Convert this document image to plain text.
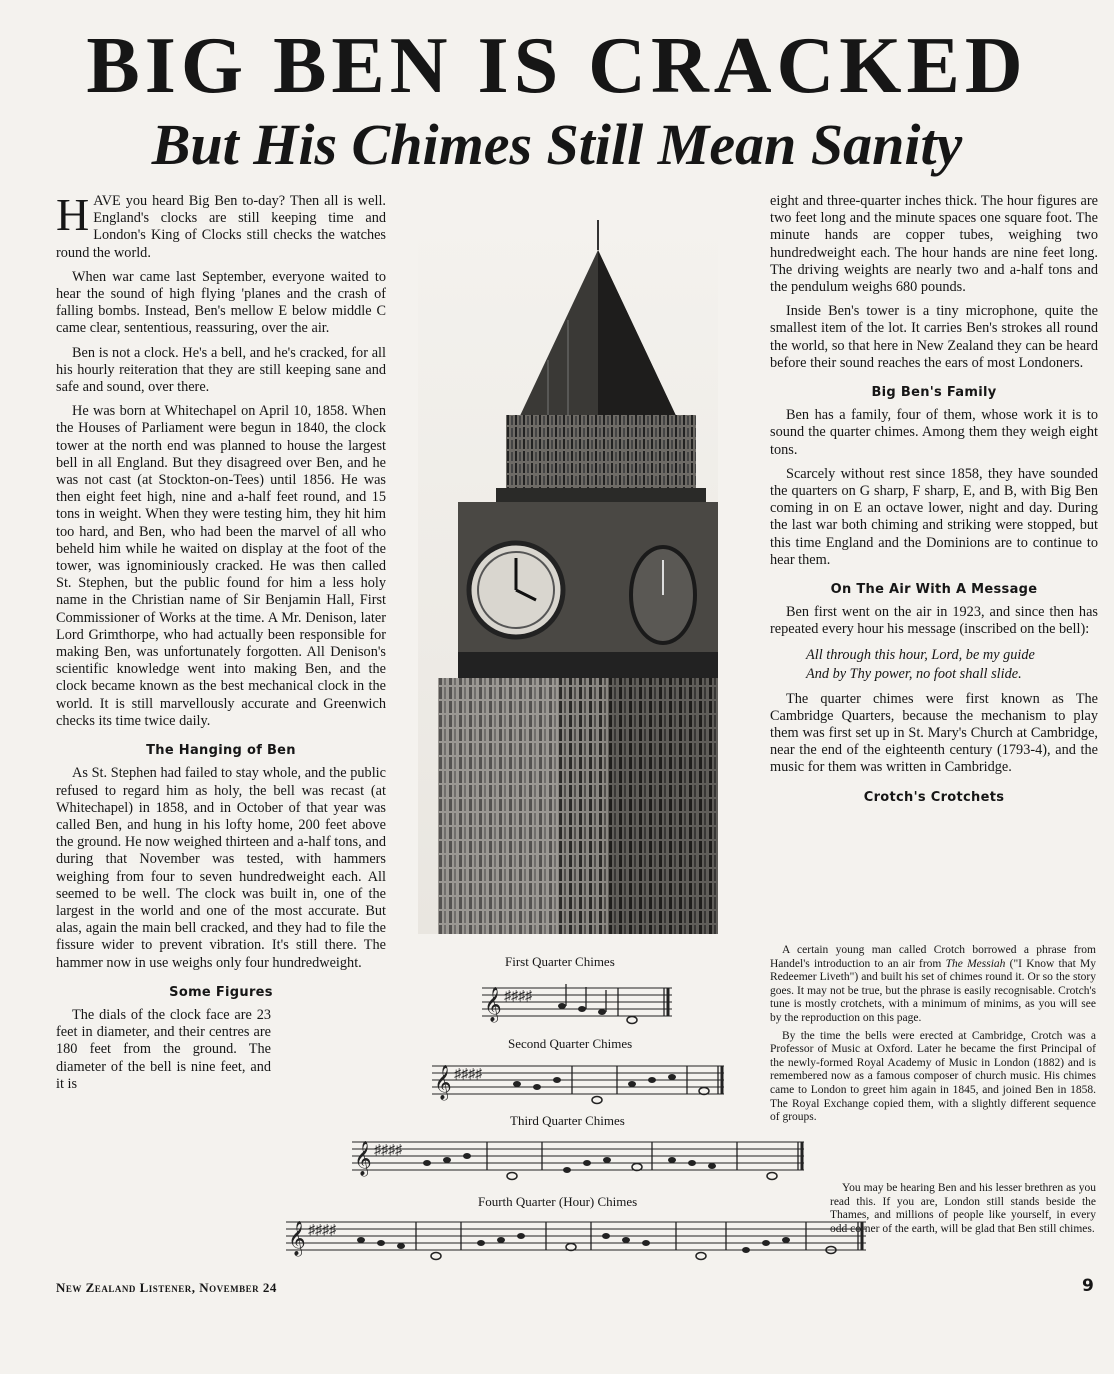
BIG BEN IS CRACKED
But His Chimes Still Mean Sanity

HAVE you heard Big Ben to-day? Then all is well. England's clocks are still keeping time and London's King of Clocks still checks the watches round the world.

When war came last September, everyone waited to hear the sound of high flying 'planes and the crash of falling bombs. Instead, Ben's mellow E below middle C came clear, sententious, reassuring, over the air.

Ben is not a clock. He's a bell, and he's cracked, for all his hourly reiteration that they are still keeping sane and safe and sound, over there.

He was born at Whitechapel on April 10, 1858. When the Houses of Parliament were begun in 1840, the clock tower at the north end was planned to house the largest bell in all England. But they disagreed over Ben, and he was not cast (at Stockton-on-Tees) until 1856. He was then eight feet high, nine and a-half feet round, and 15 tons in weight. When they were testing him, they hit him too hard, and Ben, who had been the marvel of all who beheld him while he waited on display at the foot of the tower, was ignominiously cracked. He was then called St. Stephen, but the public found for him a less holy name in the Christian name of Sir Benjamin Hall, First Commissioner of Works at the time. A Mr. Denison, later Lord Grimthorpe, who had actually been responsible for making Ben, was unfortunately forgotten. All Denison's scientific knowledge went into making Ben, and the clock became known as the best mechanical clock in the world. It is still marvellously accurate and Greenwich checks its time twice daily.

The Hanging of Ben

As St. Stephen had failed to stay whole, and the public refused to regard him as holy, the bell was recast (at Whitechapel) in 1858, and in October of that year was called Ben, and hung in his lofty home, 200 feet above the ground. He now weighed thirteen and a-half tons, and during that November was tested, with hammers weighing from four to seven hundredweight each. All seemed to be well. The clock was built in, one of the largest in the world and one of the most accurate. But alas, again the main bell cracked, and they had to file the fissure wider to prevent vibration. It's still there. The hammer now in use weighs only four hundredweight.

Some Figures

The dials of the clock face are 23 feet in diameter, and their centres are 180 feet from the ground. The diameter of the bell is nine feet, and it is

eight and three-quarter inches thick. The hour figures are two feet long and the minute spaces one square foot. The minute hands are copper tubes, weighing two hundredweight each. The hour hands are nine feet long. The driving weights are nearly two and a-half tons and the pendulum weighs 680 pounds.

Inside Ben's tower is a tiny microphone, quite the smallest item of the lot. It carries Ben's strokes all round the world, so that here in New Zealand they can be heard before their sound reaches the ears of most Londoners.

Big Ben's Family

Ben has a family, four of them, whose work it is to sound the quarter chimes. Among them they weigh eight tons.

Scarcely without rest since 1858, they have sounded the quarters on G sharp, F sharp, E, and B, with Big Ben coming in on E an octave lower, night and day. During the last war both chiming and striking were stopped, but this time England and the Dominions are to continue to hear them.

On The Air With A Message

Ben first went on the air in 1923, and since then has repeated every hour his message (inscribed on the bell):

All through this hour, Lord, be my guide
And by Thy power, no foot shall slide.

The quarter chimes were first known as The Cambridge Quarters, because the mechanism to play them was first set up in St. Mary's Church at Cambridge, near the end of the eighteenth century (1793-4), and the music for them was written in Cambridge.

Crotch's Crotchets

A certain young man called Crotch borrowed a phrase from Handel's introduction to an air from The Messiah ("I Know that My Redeemer Liveth") and built his set of chimes round it. Or so the story goes. It may not be true, but the phrase is easily recognisable. Crotch's tune is mostly crotchets, with a minimum of minims, as you will see by the reproduction on this page.

By the time the bells were erected at Cambridge, Crotch was a Professor of Music at Oxford. Later he became the first Principal of the newly-formed Royal Academy of Music in London (1882) and is remembered now as a famous composer of church music. His chimes came to London to greet him again in 1845, and joined Ben in 1858. The Royal Exchange copied them, with a slightly different sequence of groups.

You may be hearing Ben and his lesser brethren as you read this. If you are, London still stands beside the Thames, and millions of people like yourself, in every odd corner of the earth, will be glad that Ben still chimes.

First Quarter Chimes
𝄞 ♯♯♯♯
Second Quarter Chimes
𝄞 ♯♯♯♯
Third Quarter Chimes
𝄞 ♯♯♯♯
Fourth Quarter (Hour) Chimes
𝄞 ♯♯♯♯
New Zealand Listener, November 24	9
